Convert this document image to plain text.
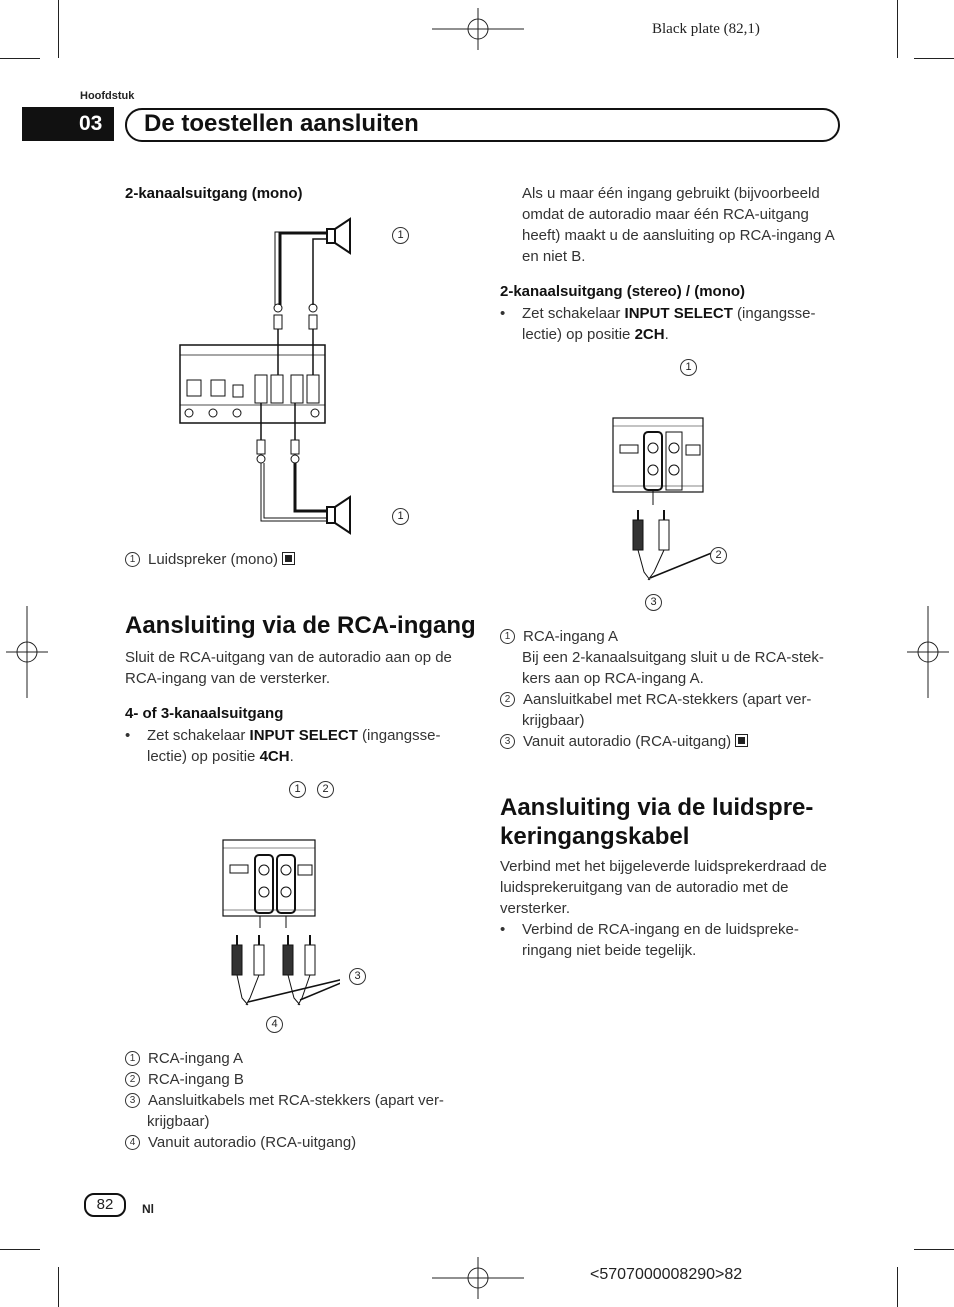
Black plate (82,1)
Hoofdstuk
03	De toestellen aansluiten
2-kanaalsuitgang (mono)
1
1
1 Luidspreker (mono)
Aansluiting via de RCA-ingang
Sluit de RCA-uitgang van de autoradio aan op de RCA-ingang van de versterker.
4- of 3-kanaalsuitgang
• Zet schakelaar INPUT SELECT (ingangsse-lectie) op positie 4CH.
1	2
3
4
1 RCA-ingang A
2 RCA-ingang B
3 Aansluitkabels met RCA-stekkers (apart ver-krijgbaar)
4 Vanuit autoradio (RCA-uitgang)
Als u maar één ingang gebruikt (bijvoorbeeld omdat de autoradio maar één RCA-uitgang heeft) maakt u de aansluiting op RCA-ingang A en niet B.
2-kanaalsuitgang (stereo) / (mono)
• Zet schakelaar INPUT SELECT (ingangsse-lectie) op positie 2CH.
1
2
3
1 RCA-ingang A
Bij een 2-kanaalsuitgang sluit u de RCA-stek-kers aan op RCA-ingang A.
2 Aansluitkabel met RCA-stekkers (apart ver-krijgbaar)
3 Vanuit autoradio (RCA-uitgang)
Aansluiting via de luidspre-keringangskabel
Verbind met het bijgeleverde luidsprekerdraad de luidsprekeruitgang van de autoradio met de versterker.
• Verbind de RCA-ingang en de luidspreke-ringang niet beide tegelijk.
82	Nl
<5707000008290>82
